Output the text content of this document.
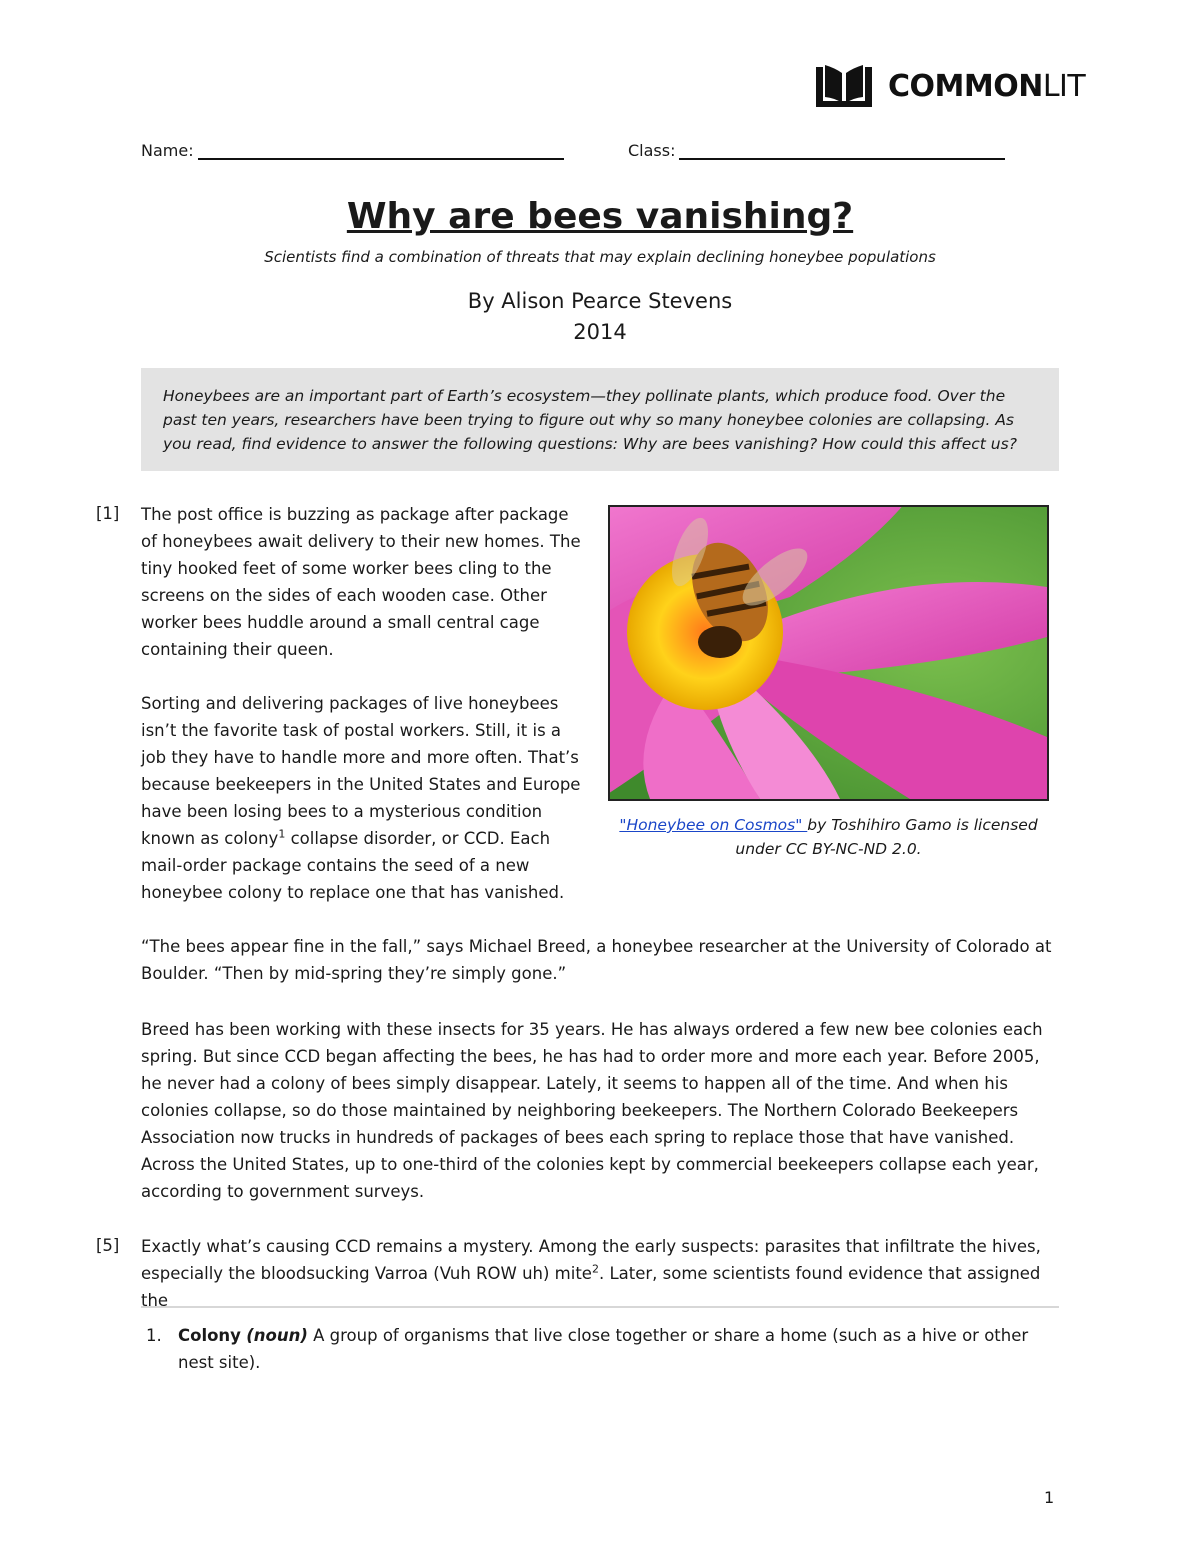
COMMONLIT
Name:	Class:
Why are bees vanishing?
Scientists find a combination of threats that may explain declining honeybee populations
By Alison Pearce Stevens
2014
Honeybees are an important part of Earth’s ecosystem—they pollinate plants, which produce food. Over the past ten years, researchers have been trying to figure out why so many honeybee colonies are collapsing. As you read, find evidence to answer the following questions: Why are bees vanishing? How could this affect us?
[1] The post office is buzzing as package after package of honeybees await delivery to their new homes. The tiny hooked feet of some worker bees cling to the screens on the sides of each wooden case. Other worker bees huddle around a small central cage containing their queen.

Sorting and delivering packages of live honeybees isn’t the favorite task of postal workers. Still, it is a job they have to handle more and more often. That’s because beekeepers in the United States and Europe have been losing bees to a mysterious condition known as colony$^1$ collapse disorder, or CCD. Each mail-order package contains the seed of a new honeybee colony to replace one that has vanished.

"Honeybee on Cosmos" by Toshihiro Gamo is licensed under CC BY-NC-ND 2.0.

“The bees appear fine in the fall,” says Michael Breed, a honeybee researcher at the University of Colorado at Boulder. “Then by mid-spring they’re simply gone.”

Breed has been working with these insects for 35 years. He has always ordered a few new bee colonies each spring. But since CCD began affecting the bees, he has had to order more and more each year. Before 2005, he never had a colony of bees simply disappear. Lately, it seems to happen all of the time. And when his colonies collapse, so do those maintained by neighboring beekeepers. The Northern Colorado Beekeepers Association now trucks in hundreds of packages of bees each spring to replace those that have vanished. Across the United States, up to one-third of the colonies kept by commercial beekeepers collapse each year, according to government surveys.

[5] Exactly what’s causing CCD remains a mystery. Among the early suspects: parasites that infiltrate the hives, especially the bloodsucking Varroa (Vuh ROW uh) mite$^2$. Later, some scientists found evidence that assigned the

1. Colony (noun) A group of organisms that live close together or share a home (such as a hive or other nest site).
1
